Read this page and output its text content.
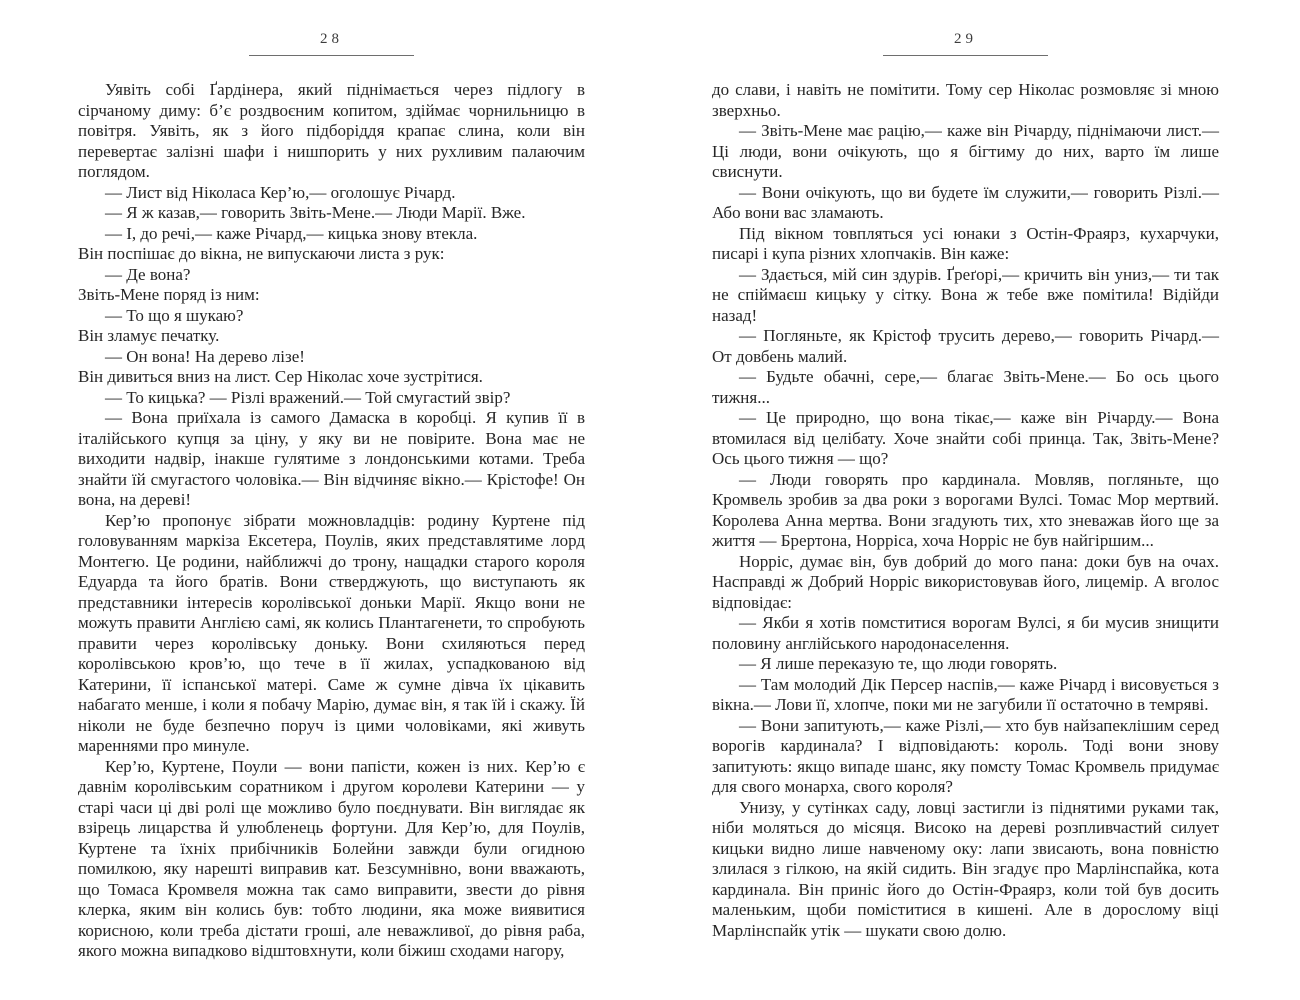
28

Уявіть собі Ґардінера, який піднімається через підлогу в сірчаному диму: б’є роздвоєним копитом, здіймає чорнильницю в повітря. Уявіть, як з його підборіддя крапає слина, коли він перевертає залізні шафи і нишпорить у них рухливим палаючим поглядом.

— Лист від Ніколаса Кер’ю,— оголошує Річард.

— Я ж казав,— говорить Звіть-Мене.— Люди Марії. Вже.

— І, до речі,— каже Річард,— кицька знову втекла.

Він поспішає до вікна, не випускаючи листа з рук:

— Де вона?

Звіть-Мене поряд із ним:

— То що я шукаю?

Він зламує печатку.

— Он вона! На дерево лізе!

Він дивиться вниз на лист. Сер Ніколас хоче зустрітися.

— То кицька? — Різлі вражений.— Той смугастий звір?

— Вона приїхала із самого Дамаска в коробці. Я купив її в італійського купця за ціну, у яку ви не повірите. Вона має не виходити надвір, інакше гулятиме з лондонськими котами. Треба знайти їй смугастого чоловіка.— Він відчиняє вікно.— Крістофе! Он вона, на дереві!

Кер’ю пропонує зібрати можновладців: родину Куртене під головуванням маркіза Ексетера, Поулів, яких представлятиме лорд Монтегю. Це родини, найближчі до трону, нащадки старого короля Едуарда та його братів. Вони стверджують, що виступають як представники інтересів королівської доньки Марії. Якщо вони не можуть правити Англією самі, як колись Плантагенети, то спробують правити через королівську доньку. Вони схиляються перед королівською кров’ю, що тече в її жилах, успадкованою від Катерини, її іспанської матері. Саме ж сумне дівча їх цікавить набагато менше, і коли я побачу Марію, думає він, я так їй і скажу. Їй ніколи не буде безпечно поруч із цими чоловіками, які живуть мареннями про минуле.

Кер’ю, Куртене, Поули — вони папісти, кожен із них. Кер’ю є давнім королівським соратником і другом королеви Катерини — у старі часи ці дві ролі ще можливо було поєднувати. Він виглядає як взірець лицарства й улюбленець фортуни. Для Кер’ю, для Поулів, Куртене та їхніх прибічників Болейни завжди були огидною помилкою, яку нарешті виправив кат. Безсумнівно, вони вважають, що Томаса Кромвеля можна так само виправити, звести до рівня клерка, яким він колись був: тобто людини, яка може виявитися корисною, коли треба дістати гроші, але неважливої, до рівня раба, якого можна випадково відштовхнути, коли біжиш сходами нагору,

29

до слави, і навіть не помітити. Тому сер Ніколас розмовляє зі мною зверхньо.

— Звіть-Мене має рацію,— каже він Річарду, піднімаючи лист.— Ці люди, вони очікують, що я бігтиму до них, варто їм лише свиснути.

— Вони очікують, що ви будете їм служити,— говорить Різлі.— Або вони вас зламають.

Під вікном товпляться усі юнаки з Остін-Фраярз, кухарчуки, писарі і купа різних хлопчаків. Він каже:

— Здається, мій син здурів. Ґреґорі,— кричить він униз,— ти так не спіймаєш кицьку у сітку. Вона ж тебе вже помітила! Відійди назад!

— Погляньте, як Крістоф трусить дерево,— говорить Річард.— От довбень малий.

— Будьте обачні, сере,— благає Звіть-Мене.— Бо ось цього тижня...

— Це природно, що вона тікає,— каже він Річарду.— Вона втомилася від целібату. Хоче знайти собі принца. Так, Звіть-Мене? Ось цього тижня — що?

— Люди говорять про кардинала. Мовляв, погляньте, що Кромвель зробив за два роки з ворогами Вулсі. Томас Мор мертвий. Королева Анна мертва. Вони згадують тих, хто зневажав його ще за життя — Брертона, Норріса, хоча Норріс не був найгіршим...

Норріс, думає він, був добрий до мого пана: доки був на очах. Насправді ж Добрий Норріс використовував його, лицемір. А вголос відповідає:

— Якби я хотів помститися ворогам Вулсі, я би мусив знищити половину англійського народонаселення.

— Я лише переказую те, що люди говорять.

— Там молодий Дік Персер наспів,— каже Річард і висовується з вікна.— Лови її, хлопче, поки ми не загубили її остаточно в темряві.

— Вони запитують,— каже Різлі,— хто був найзапеклішим серед ворогів кардинала? І відповідають: король. Тоді вони знову запитують: якщо випаде шанс, яку помсту Томас Кромвель придумає для свого монарха, свого короля?

Унизу, у сутінках саду, ловці застигли із піднятими руками так, ніби моляться до місяця. Високо на дереві розпливчастий силует кицьки видно лише навченому оку: лапи звисають, вона повністю злилася з гілкою, на якій сидить. Він згадує про Марлінспайка, кота кардинала. Він приніс його до Остін-Фраярз, коли той був досить маленьким, щоби поміститися в кишені. Але в дорослому віці Марлінспайк утік — шукати свою долю.
